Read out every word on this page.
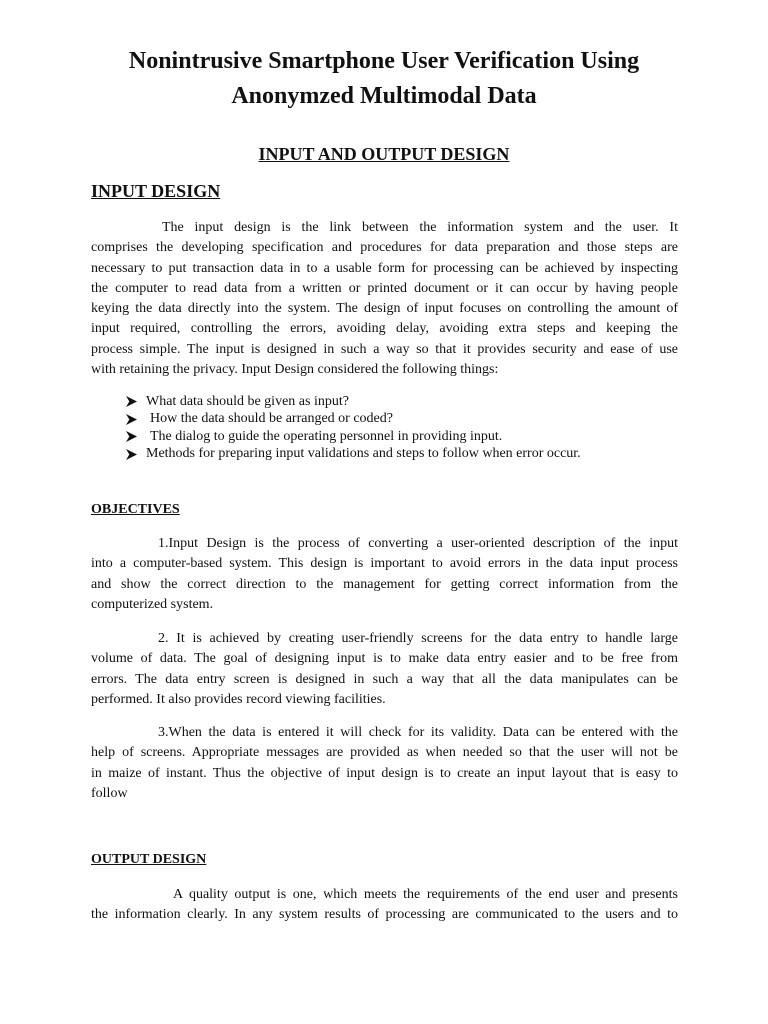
Nonintrusive Smartphone User Verification Using
Anonymzed Multimodal Data
INPUT AND OUTPUT DESIGN
INPUT DESIGN
The input design is the link between the information system and the user. It
comprises the developing specification and procedures for data preparation and those steps are
necessary to put transaction data in to a usable form for processing can be achieved by inspecting
the computer to read data from a written or printed document or it can occur by having people
keying the data directly into the system. The design of input focuses on controlling the amount of
input required, controlling the errors, avoiding delay, avoiding extra steps and keeping the
process simple. The input is designed in such a way so that it provides security and ease of use
with retaining the privacy. Input Design considered the following things:
What data should be given as input?
How the data should be arranged or coded?
The dialog to guide the operating personnel in providing input.
Methods for preparing input validations and steps to follow when error occur.
OBJECTIVES
1.Input Design is the process of converting a user-oriented description of the input
into a computer-based system. This design is important to avoid errors in the data input process
and show the correct direction to the management for getting correct information from the
computerized system.
2. It is achieved by creating user-friendly screens for the data entry to handle large
volume of data. The goal of designing input is to make data entry easier and to be free from
errors. The data entry screen is designed in such a way that all the data manipulates can be
performed. It also provides record viewing facilities.
3.When the data is entered it will check for its validity. Data can be entered with the
help of screens. Appropriate messages are provided as when needed so that the user will not be
in maize of instant. Thus the objective of input design is to create an input layout that is easy to
follow
OUTPUT DESIGN
A quality output is one, which meets the requirements of the end user and presents
the information clearly. In any system results of processing are communicated to the users and to
